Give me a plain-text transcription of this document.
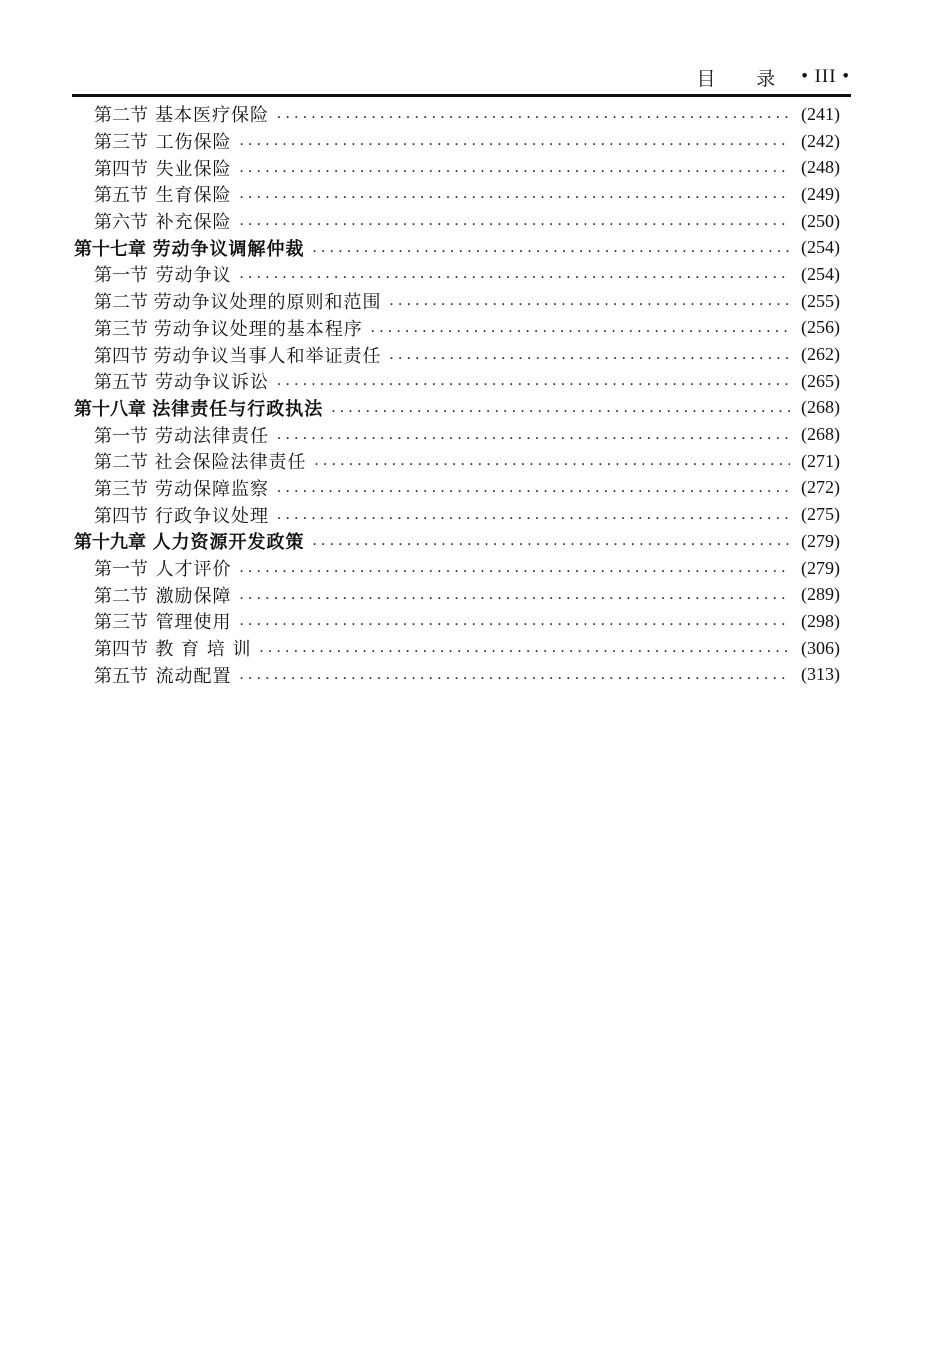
目 录 • III •
第二节 基本医疗保险 . . .	(241)
第三节 工伤保险 . . .	(242)
第四节 失业保险 . . .	(248)
第五节 生育保险 . . .	(249)
第六节 补充保险 . . .	(250)
第十七章 劳动争议调解仲裁 . . .	(254)
第一节 劳动争议 . . .	(254)
第二节 劳动争议处理的原则和范围 . . .	(255)
第三节 劳动争议处理的基本程序 . . .	(256)
第四节 劳动争议当事人和举证责任 . . .	(262)
第五节 劳动争议诉讼 . . .	(265)
第十八章 法律责任与行政执法 . . .	(268)
第一节 劳动法律责任 . . .	(268)
第二节 社会保险法律责任 . . .	(271)
第三节 劳动保障监察 . . .	(272)
第四节 行政争议处理 . . .	(275)
第十九章 人力资源开发政策 . . .	(279)
第一节 人才评价 . . .	(279)
第二节 激励保障 . . .	(289)
第三节 管理使用 . . .	(298)
第四节 教 育 培 训 . . .	(306)
第五节 流动配置 . . .	(313)
